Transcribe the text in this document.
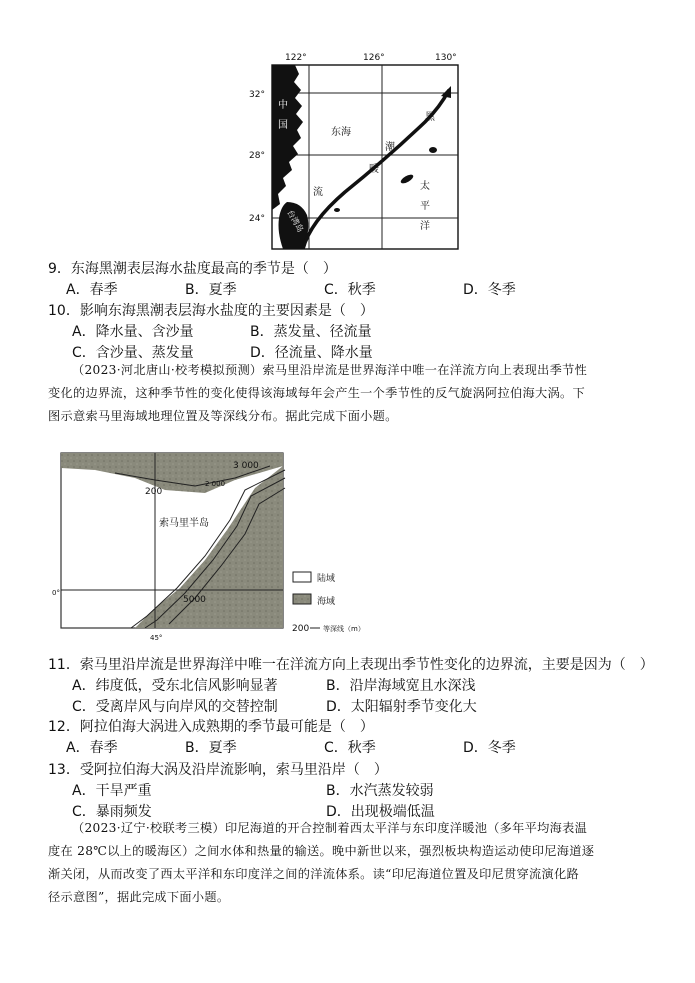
122°	126°	130°
32°
28°
24°
中
国
东海
黑
潮
暖
流
太
平
洋
台湾岛
9．东海黑潮表层海水盐度最高的季节是（　）
A．春季	B．夏季	C．秋季	D．冬季
10．影响东海黑潮表层海水盐度的主要因素是（　）
A．降水量、含沙量	B．蒸发量、径流量
C．含沙量、蒸发量	D．径流量、降水量
（2023·河北唐山·校考模拟预测）索马里沿岸流是世界海洋中唯一在洋流方向上表现出季节性
变化的边界流，这种季节性的变化使得该海域每年会产生一个季节性的反气旋涡阿拉伯海大涡。下
图示意索马里海域地理位置及等深线分布。据此完成下面小题。
3 000
2 000
200
索马里半岛
5000
0°
45°
陆域
海域
200 等深线（m）
11．索马里沿岸流是世界海洋中唯一在洋流方向上表现出季节性变化的边界流，主要是因为（　）
A．纬度低，受东北信风影响显著	B．沿岸海域宽且水深浅
C．受离岸风与向岸风的交替控制	D．太阳辐射季节变化大
12．阿拉伯海大涡进入成熟期的季节最可能是（　）
A．春季	B．夏季	C．秋季	D．冬季
13．受阿拉伯海大涡及沿岸流影响，索马里沿岸（　）
A．干旱严重	B．水汽蒸发较弱
C．暴雨频发	D．出现极端低温
（2023·辽宁·校联考三模）印尼海道的开合控制着西太平洋与东印度洋暖池（多年平均海表温
度在 28℃以上的暖海区）之间水体和热量的输送。晚中新世以来，强烈板块构造运动使印尼海道逐
渐关闭，从而改变了西太平洋和东印度洋之间的洋流体系。读“印尼海道位置及印尼贯穿流演化路
径示意图”，据此完成下面小题。
